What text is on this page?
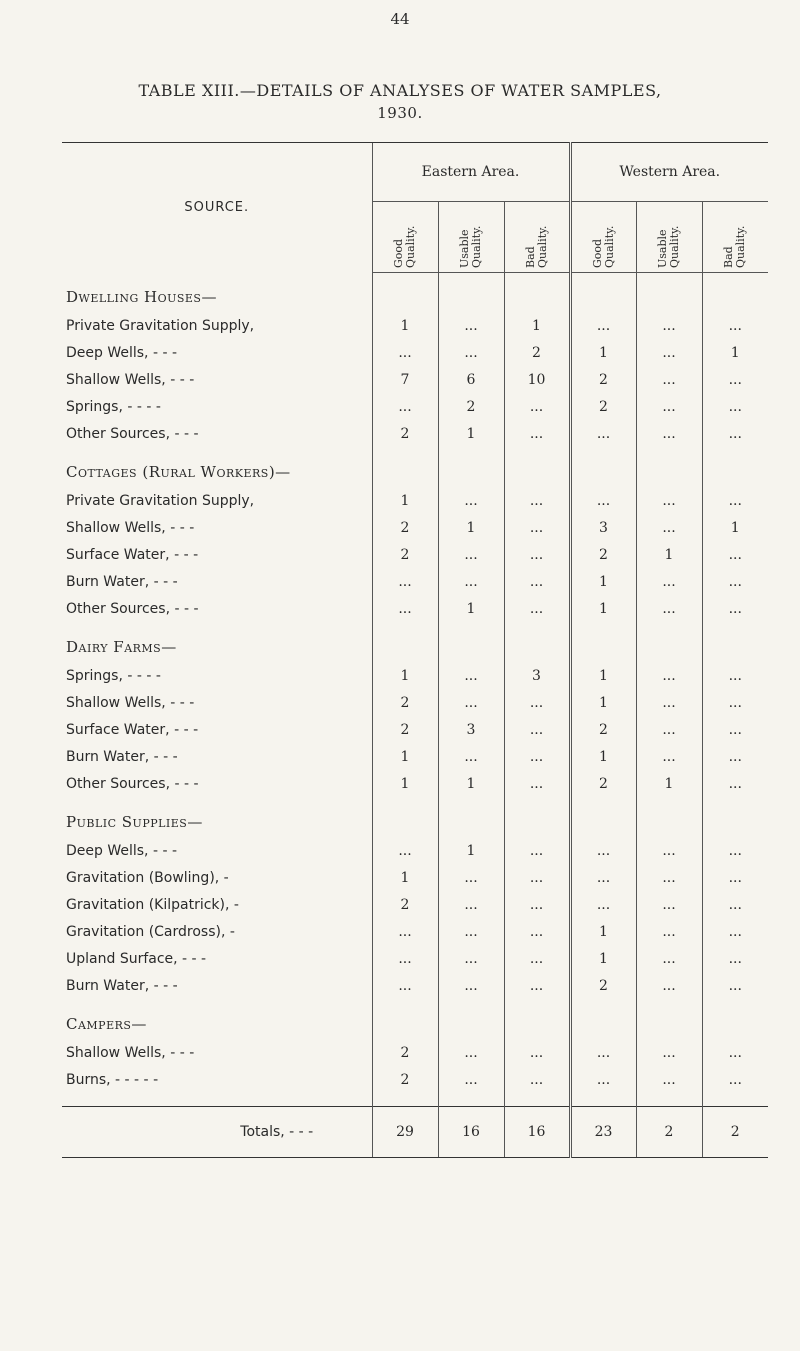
44
TABLE XIII.—DETAILS OF ANALYSES OF WATER SAMPLES,
1930.
SOURCE.	Eastern Area.			Western Area.		

	Good Quality.	Usable Quality.	Bad Quality.	Good Quality.	Usable Quality.	Bad Quality.

Dwelling Houses—						
Private Gravitation Supply,	1	...	1	...	...	...
Deep Wells, - - -	...	...	2	1	...	1
Shallow Wells, - - -	7	6	10	2	...	...
Springs, - - - -	...	2	...	2	...	...
Other Sources, - - -	2	1	...	...	...	...
Cottages (Rural Workers)—						
Private Gravitation Supply,	1	...	...	...	...	...
Shallow Wells, - - -	2	1	...	3	...	1
Surface Water, - - -	2	...	...	2	1	...
Burn Water, - - -	...	...	...	1	...	...
Other Sources, - - -	...	1	...	1	...	...
Dairy Farms—						
Springs, - - - -	1	...	3	1	...	...
Shallow Wells, - - -	2	...	...	1	...	...
Surface Water, - - -	2	3	...	2	...	...
Burn Water, - - -	1	...	...	1	...	...
Other Sources, - - -	1	1	...	2	1	...
Public Supplies—						
Deep Wells, - - -	...	1	...	...	...	...
Gravitation (Bowling), -	1	...	...	...	...	...
Gravitation (Kilpatrick), -	2	...	...	...	...	...
Gravitation (Cardross), -	...	...	...	1	...	...
Upland Surface, - - -	...	...	...	1	...	...
Burn Water, - - -	...	...	...	2	...	...
Campers—						
Shallow Wells, - - -	2	...	...	...	...	...
Burns, - - - - -	2	...	...	...	...	...

Totals, - - -	29	16	16	23	2	2
